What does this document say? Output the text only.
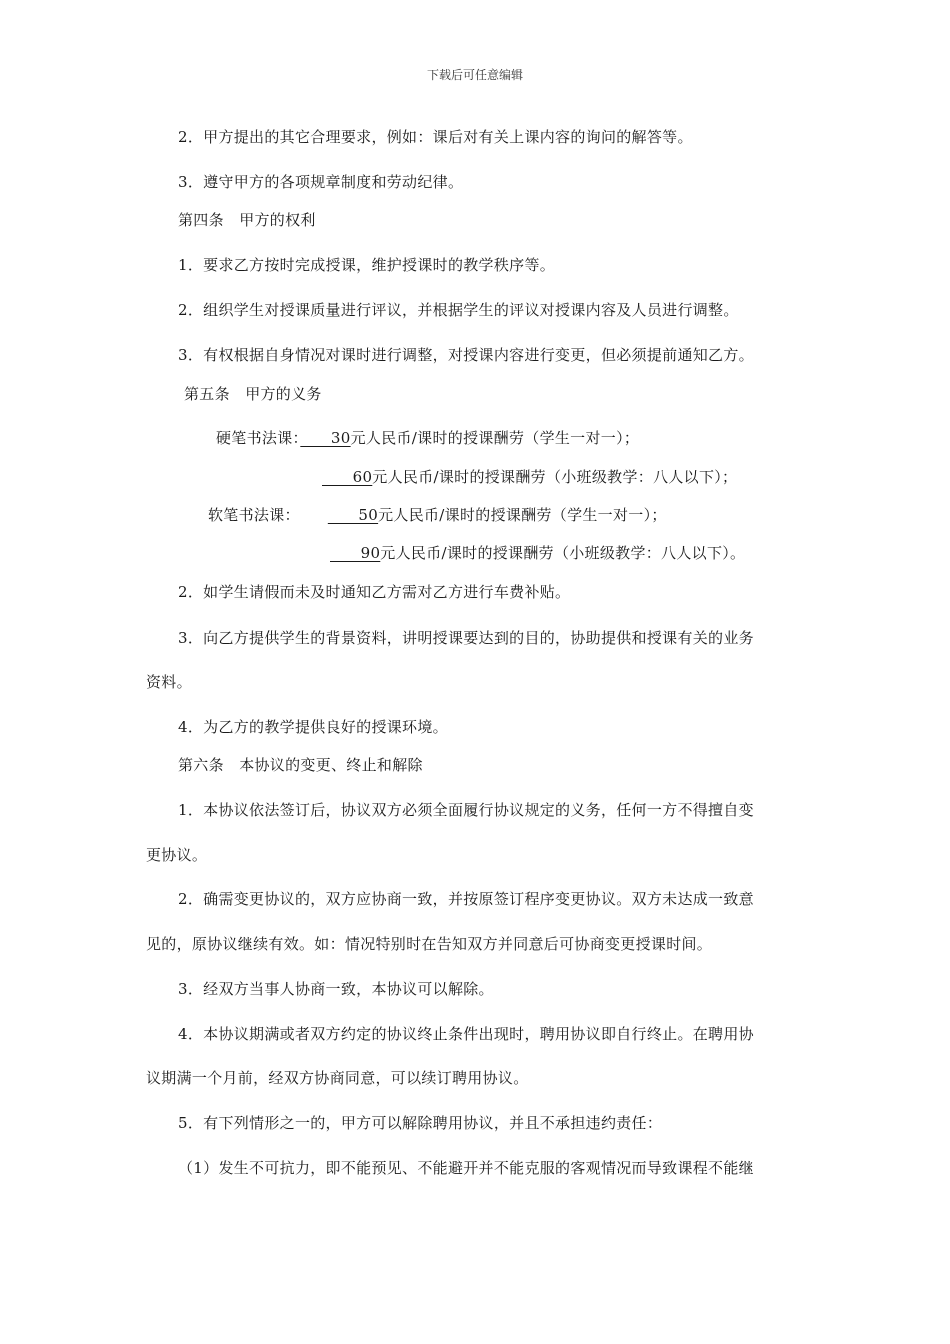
下载后可任意编辑
2．甲方提出的其它合理要求，例如：课后对有关上课内容的询问的解答等。
3．遵守甲方的各项规章制度和劳动纪律。
第四条　甲方的权利
1．要求乙方按时完成授课，维护授课时的教学秩序等。
2．组织学生对授课质量进行评议，并根据学生的评议对授课内容及人员进行调整。
3．有权根据自身情况对课时进行调整，对授课内容进行变更，但必须提前通知乙方。
第五条　甲方的义务
硬笔书法课：　　30元人民币/课时的授课酬劳（学生一对一）；
　　60元人民币/课时的授课酬劳（小班级教学：八人以下）；
软笔书法课：　　50元人民币/课时的授课酬劳（学生一对一）；
　　90元人民币/课时的授课酬劳（小班级教学：八人以下）。
2．如学生请假而未及时通知乙方需对乙方进行车费补贴。
3．向乙方提供学生的背景资料，讲明授课要达到的目的，协助提供和授课有关的业务
资料。
4．为乙方的教学提供良好的授课环境。
第六条　本协议的变更、终止和解除
1．本协议依法签订后，协议双方必须全面履行协议规定的义务，任何一方不得擅自变
更协议。
2．确需变更协议的，双方应协商一致，并按原签订程序变更协议。双方未达成一致意
见的，原协议继续有效。如：情况特别时在告知双方并同意后可协商变更授课时间。
3．经双方当事人协商一致，本协议可以解除。
4．本协议期满或者双方约定的协议终止条件出现时，聘用协议即自行终止。在聘用协
议期满一个月前，经双方协商同意，可以续订聘用协议。
5．有下列情形之一的，甲方可以解除聘用协议，并且不承担违约责任：
（1）发生不可抗力，即不能预见、不能避开并不能克服的客观情况而导致课程不能继
